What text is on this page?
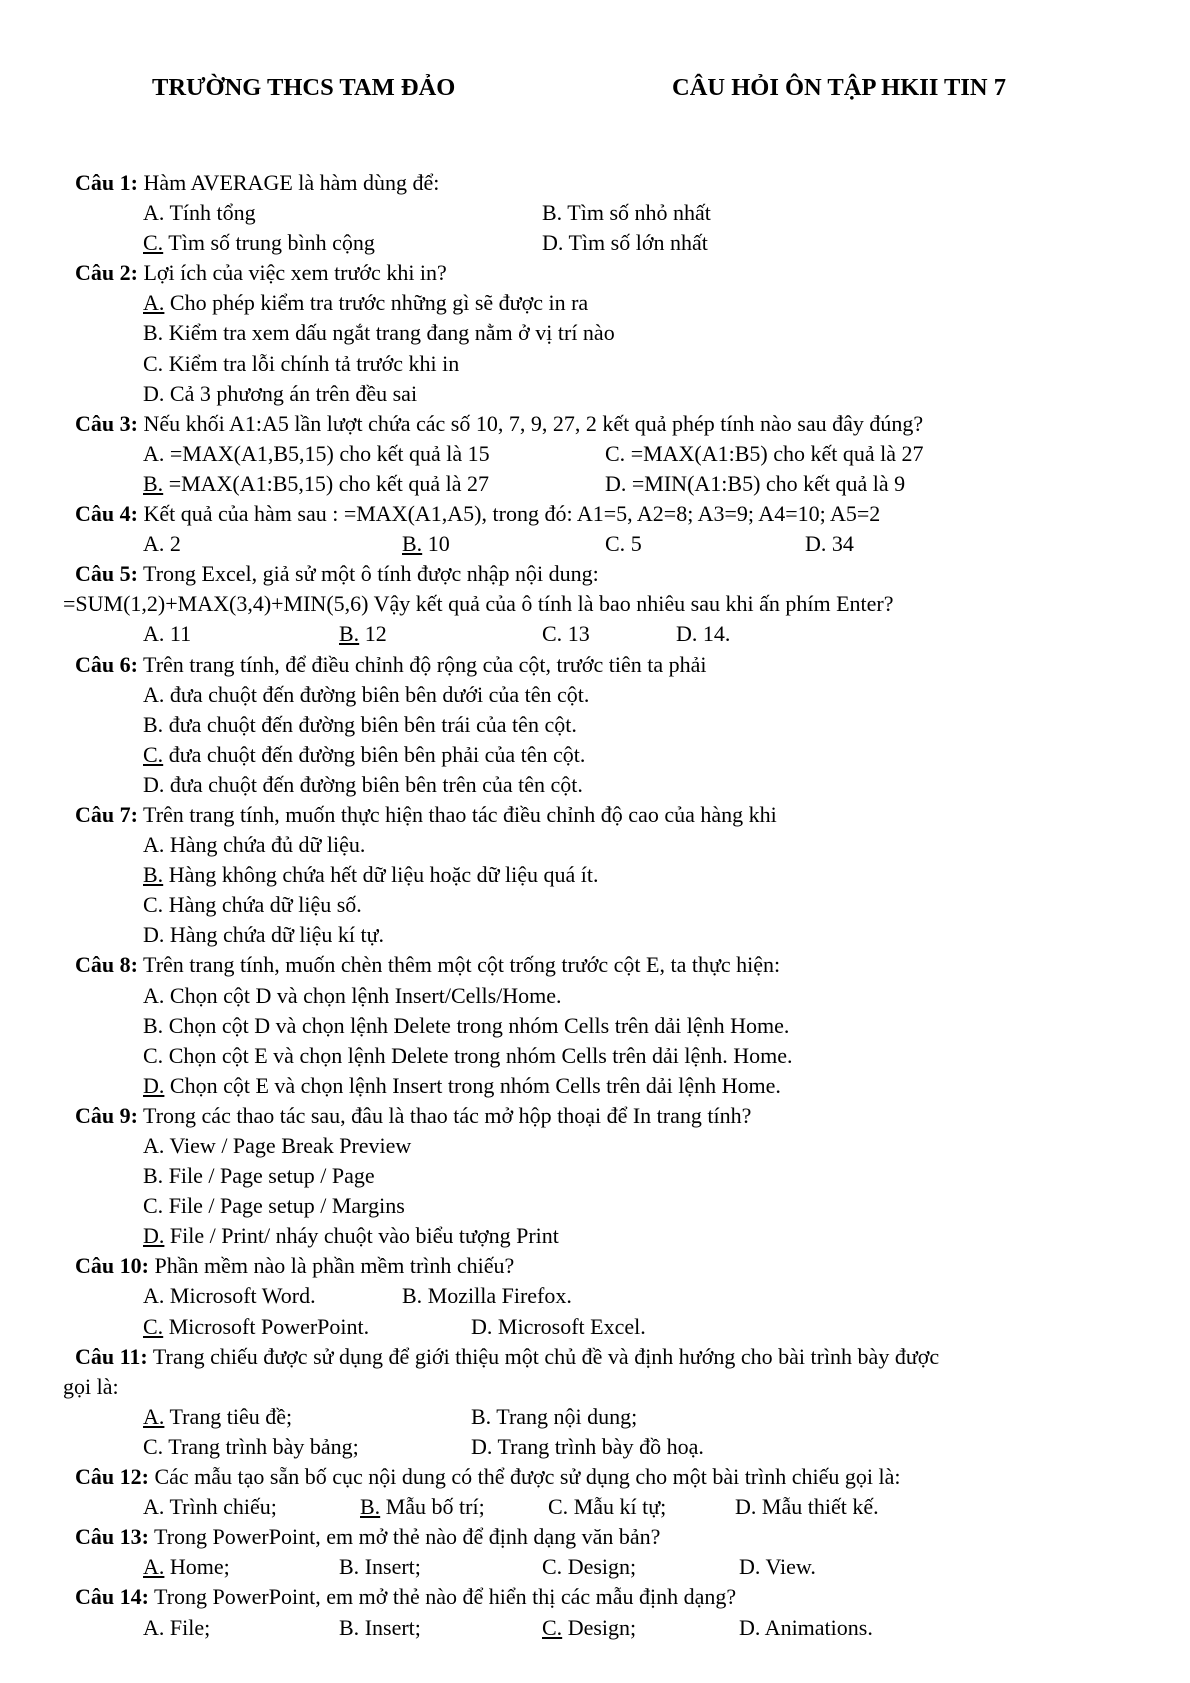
TRƯỜNG THCS TAM ĐẢO	CÂU HỎI ÔN TẬP HKII TIN 7
Câu 1: Hàm AVERAGE là hàm dùng để:
A. Tính tổng	B. Tìm số nhỏ nhất
C. Tìm số trung bình cộng	D. Tìm số lớn nhất
Câu 2: Lợi ích của việc xem trước khi in?
A. Cho phép kiểm tra trước những gì sẽ được in ra
B. Kiểm tra xem dấu ngắt trang đang nằm ở vị trí nào
C. Kiểm tra lỗi chính tả trước khi in
D. Cả 3 phương án trên đều sai
Câu 3: Nếu khối A1:A5 lần lượt chứa các số 10, 7, 9, 27, 2 kết quả phép tính nào sau đây đúng?
A. =MAX(A1,B5,15) cho kết quả là 15	C. =MAX(A1:B5) cho kết quả là 27
B. =MAX(A1:B5,15) cho kết quả là 27	D. =MIN(A1:B5) cho kết quả là 9
Câu 4: Kết quả của hàm sau : =MAX(A1,A5), trong đó: A1=5, A2=8; A3=9; A4=10; A5=2
A. 2	B. 10	C. 5	D. 34
Câu 5: Trong Excel, giả sử một ô tính được nhập nội dung:
=SUM(1,2)+MAX(3,4)+MIN(5,6) Vậy kết quả của ô tính là bao nhiêu sau khi ấn phím Enter?
A. 11	B. 12	C. 13	D. 14.
Câu 6: Trên trang tính, để điều chỉnh độ rộng của cột, trước tiên ta phải
A. đưa chuột đến đường biên bên dưới của tên cột.
B. đưa chuột đến đường biên bên trái của tên cột.
C. đưa chuột đến đường biên bên phải của tên cột.
D. đưa chuột đến đường biên bên trên của tên cột.
Câu 7: Trên trang tính, muốn thực hiện thao tác điều chỉnh độ cao của hàng khi
A. Hàng chứa đủ dữ liệu.
B. Hàng không chứa hết dữ liệu hoặc dữ liệu quá ít.
C. Hàng chứa dữ liệu số.
D. Hàng chứa dữ liệu kí tự.
Câu 8: Trên trang tính, muốn chèn thêm một cột trống trước cột E, ta thực hiện:
A. Chọn cột D và chọn lệnh Insert/Cells/Home.
B. Chọn cột D và chọn lệnh Delete trong nhóm Cells trên dải lệnh Home.
C. Chọn cột E và chọn lệnh Delete trong nhóm Cells trên dải lệnh. Home.
D. Chọn cột E và chọn lệnh Insert trong nhóm Cells trên dải lệnh Home.
Câu 9: Trong các thao tác sau, đâu là thao tác mở hộp thoại để In trang tính?
A. View / Page Break Preview
B. File / Page setup / Page
C. File / Page setup / Margins
D. File / Print/ nháy chuột vào biểu tượng Print
Câu 10: Phần mềm nào là phần mềm trình chiếu?
A. Microsoft Word.	B. Mozilla Firefox.
C. Microsoft PowerPoint.	D. Microsoft Excel.
Câu 11: Trang chiếu được sử dụng để giới thiệu một chủ đề và định hướng cho bài trình bày được
gọi là:
A. Trang tiêu đề;	B. Trang nội dung;
C. Trang trình bày bảng;	D. Trang trình bày đồ hoạ.
Câu 12: Các mẫu tạo sẵn bố cục nội dung có thể được sử dụng cho một bài trình chiếu gọi là:
A. Trình chiếu;	B. Mẫu bố trí;	C. Mẫu kí tự;	D. Mẫu thiết kế.
Câu 13: Trong PowerPoint, em mở thẻ nào để định dạng văn bản?
A. Home;	B. Insert;	C. Design;	D. View.
Câu 14: Trong PowerPoint, em mở thẻ nào để hiển thị các mẫu định dạng?
A. File;	B. Insert;	C. Design;	D. Animations.
